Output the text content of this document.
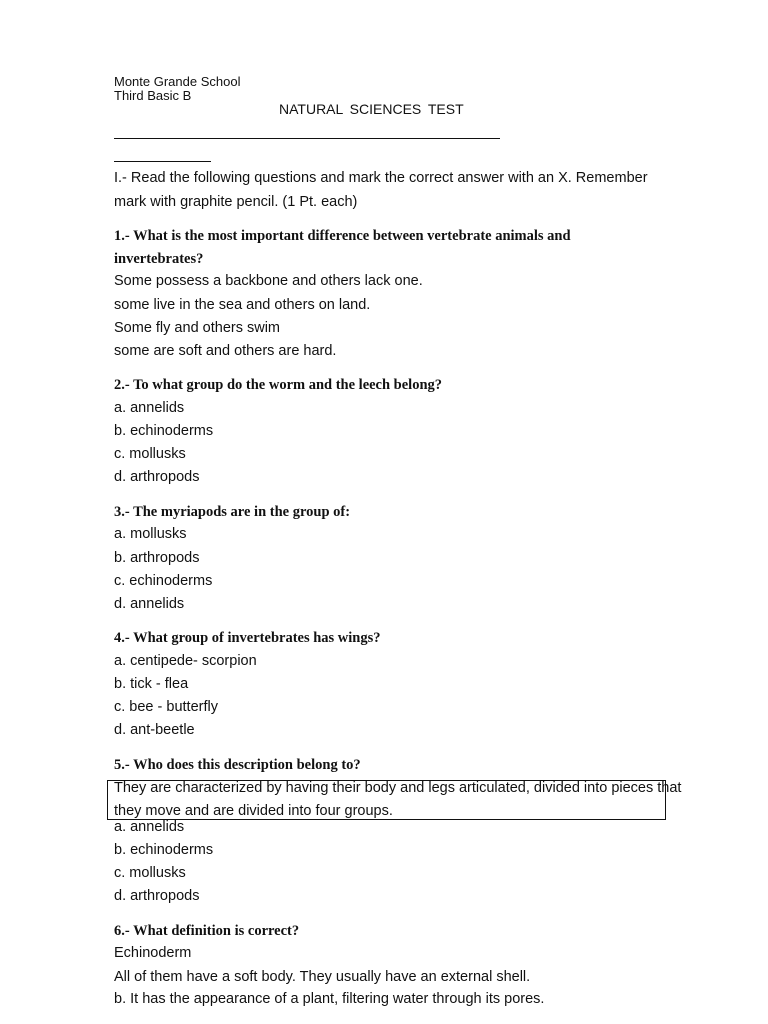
Monte Grande School
Third Basic B
NATURAL SCIENCES TEST
I.- Read the following questions and mark the correct answer with an X. Remember
mark with graphite pencil. (1 Pt. each)
1.- What is the most important difference between vertebrate animals and
invertebrates?
Some possess a backbone and others lack one.
some live in the sea and others on land.
Some fly and others swim
some are soft and others are hard.
2.- To what group do the worm and the leech belong?
a. annelids
b. echinoderms
c. mollusks
d. arthropods
3.- The myriapods are in the group of:
a. mollusks
b. arthropods
c. echinoderms
d. annelids
4.- What group of invertebrates has wings?
a. centipede- scorpion
b. tick - flea
c. bee - butterfly
d. ant-beetle
5.- Who does this description belong to?
They are characterized by having their body and legs articulated, divided into pieces that
they move and are divided into four groups.
a. annelids
b. echinoderms
c. mollusks
d. arthropods
6.- What definition is correct?
Echinoderm
All of them have a soft body. They usually have an external shell.
b. It has the appearance of a plant, filtering water through its pores.
